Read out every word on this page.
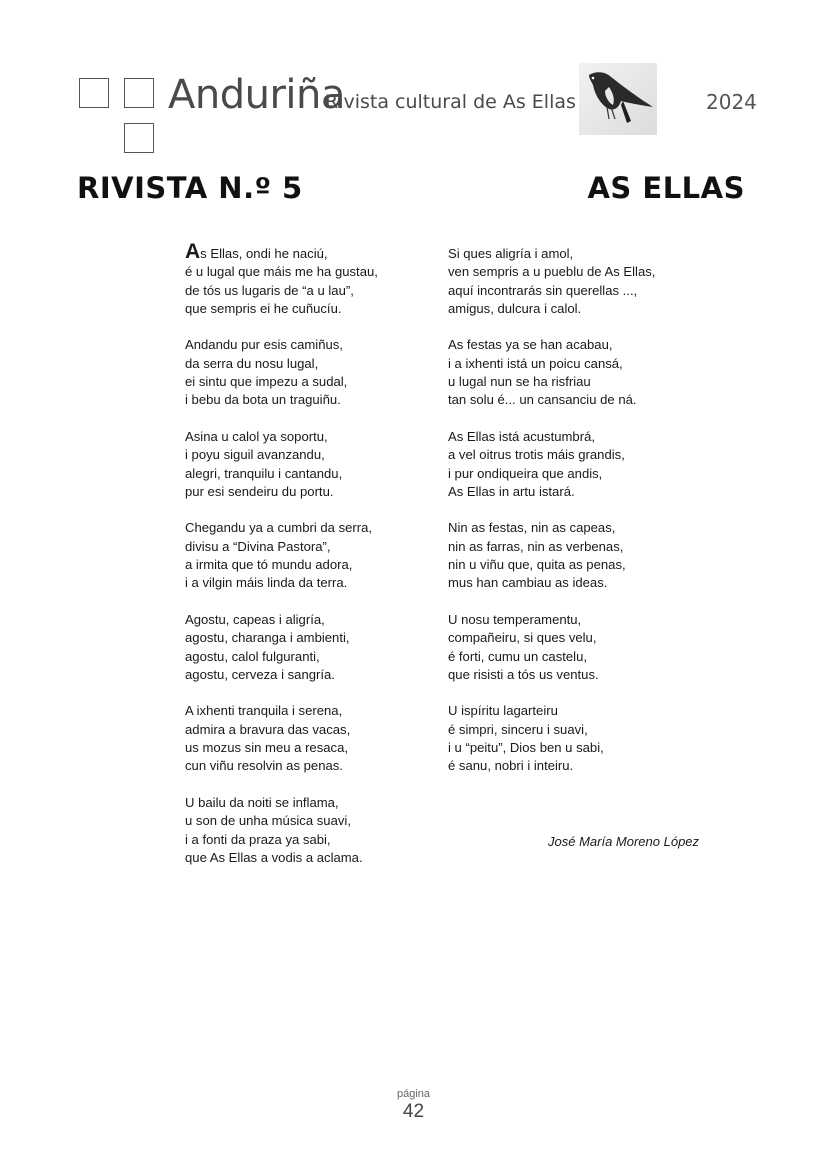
Anduriña
Rivista cultural de As Ellas	2024
RIVISTA N.º 5	AS ELLAS
As Ellas, ondi he naciú,
é u lugal que máis me ha gustau,
de tós us lugaris de “a u lau”,
que sempris ei he cuñucíu.
Andandu pur esis camiñus,
da serra du nosu lugal,
ei sintu que impezu a sudal,
i bebu da bota un traguiñu.
Asina u calol ya soportu,
i poyu siguil avanzandu,
alegri, tranquilu i cantandu,
pur esi sendeiru du portu.
Chegandu ya a cumbri da serra,
divisu a “Divina Pastora”,
a irmita que tó mundu adora,
i a vilgin máis linda da terra.
Agostu, capeas i aligría,
agostu, charanga i ambienti,
agostu, calol fulguranti,
agostu, cerveza i sangría.
A ixhenti tranquila i serena,
admira a bravura das vacas,
us mozus sin meu a resaca,
cun viñu resolvin as penas.
U bailu da noiti se inflama,
u son de unha música suavi,
i a fonti da praza ya sabi,
que As Ellas a vodis a aclama.
Si ques aligría i amol,
ven sempris a u pueblu de As Ellas,
aquí incontrarás sin querellas ...,
amigus, dulcura i calol.
As festas ya se han acabau,
i a ixhenti istá un poicu cansá,
u lugal nun se ha risfriau
tan solu é... un cansanciu de ná.
As Ellas istá acustumbrá,
a vel oitrus trotis máis grandis,
i pur ondiqueira que andis,
As Ellas in artu istará.
Nin as festas, nin as capeas,
nin as farras, nin as verbenas,
nin u viñu que, quita as penas,
mus han cambiau as ideas.
U nosu temperamentu,
compañeiru, si ques velu,
é forti, cumu un castelu,
que risisti a tós us ventus.
U ispíritu lagarteiru
é simpri, sinceru i suavi,
i u “peitu”, Dios ben u sabi,
é sanu, nobri i inteiru.
José María Moreno López
página
42
